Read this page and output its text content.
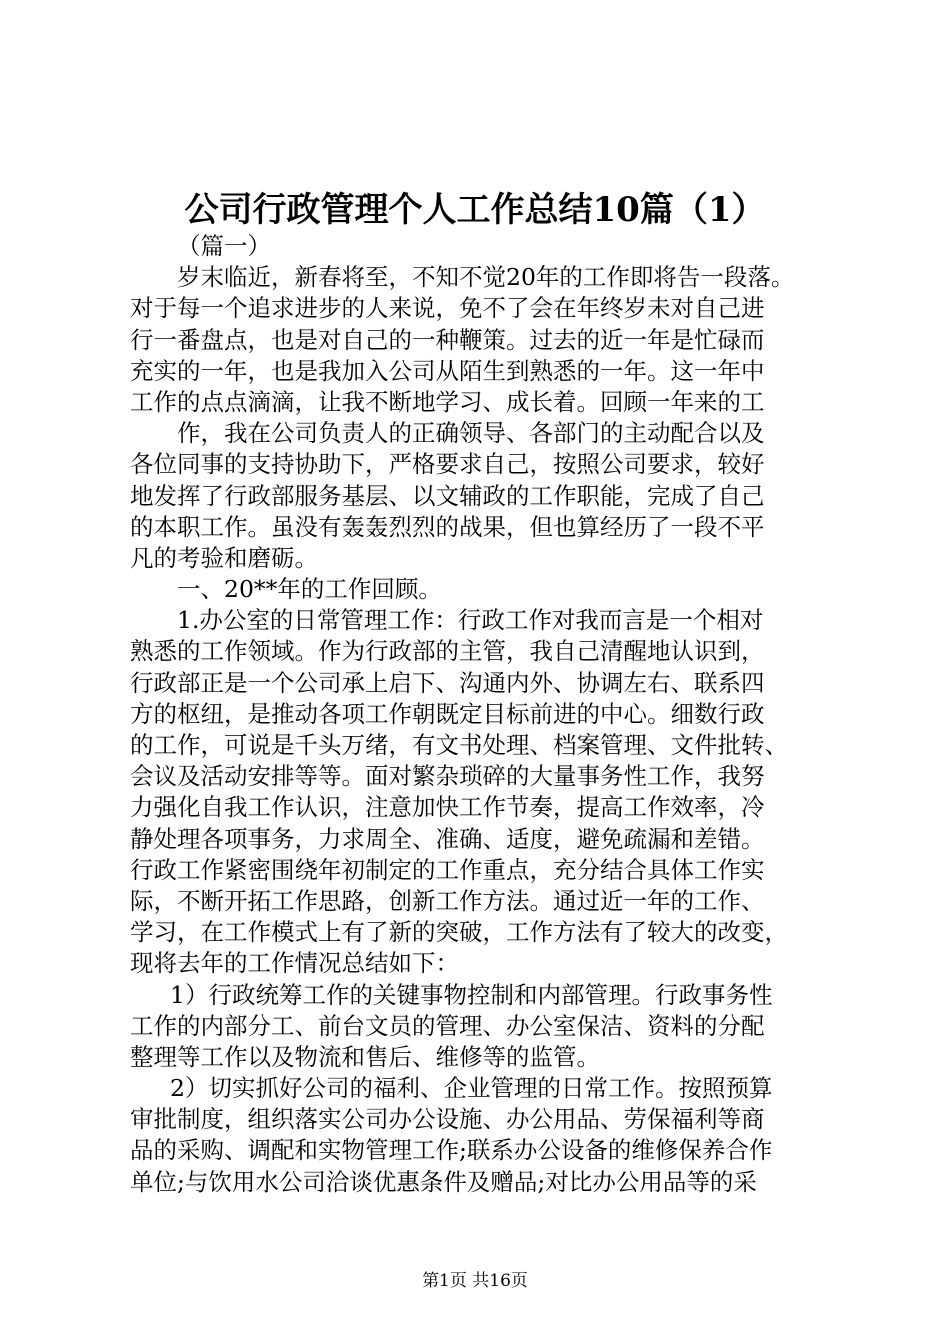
公司行政管理个人工作总结10篇（1）
（篇一）
岁末临近，新春将至，不知不觉20年的工作即将告一段落。
对于每一个追求进步的人来说，免不了会在年终岁未对自己进
行一番盘点，也是对自己的一种鞭策。过去的近一年是忙碌而
充实的一年，也是我加入公司从陌生到熟悉的一年。这一年中
工作的点点滴滴，让我不断地学习、成长着。回顾一年来的工
作，我在公司负责人的正确领导、各部门的主动配合以及
各位同事的支持协助下，严格要求自己，按照公司要求，较好
地发挥了行政部服务基层、以文辅政的工作职能，完成了自己
的本职工作。虽没有轰轰烈烈的战果，但也算经历了一段不平
凡的考验和磨砺。
一、20**年的工作回顾。
1.办公室的日常管理工作：行政工作对我而言是一个相对
熟悉的工作领域。作为行政部的主管，我自己清醒地认识到，
行政部正是一个公司承上启下、沟通内外、协调左右、联系四
方的枢纽，是推动各项工作朝既定目标前进的中心。细数行政
的工作，可说是千头万绪，有文书处理、档案管理、文件批转、
会议及活动安排等等。面对繁杂琐碎的大量事务性工作，我努
力强化自我工作认识，注意加快工作节奏，提高工作效率，冷
静处理各项事务，力求周全、准确、适度，避免疏漏和差错。
行政工作紧密围绕年初制定的工作重点，充分结合具体工作实
际，不断开拓工作思路，创新工作方法。通过近一年的工作、
学习，在工作模式上有了新的突破，工作方法有了较大的改变，
现将去年的工作情况总结如下：
1）行政统筹工作的关键事物控制和内部管理。行政事务性
工作的内部分工、前台文员的管理、办公室保洁、资料的分配
整理等工作以及物流和售后、维修等的监管。
2）切实抓好公司的福利、企业管理的日常工作。按照预算
审批制度，组织落实公司办公设施、办公用品、劳保福利等商
品的采购、调配和实物管理工作;联系办公设备的维修保养合作
单位;与饮用水公司洽谈优惠条件及赠品;对比办公用品等的采
第1页 共16页
